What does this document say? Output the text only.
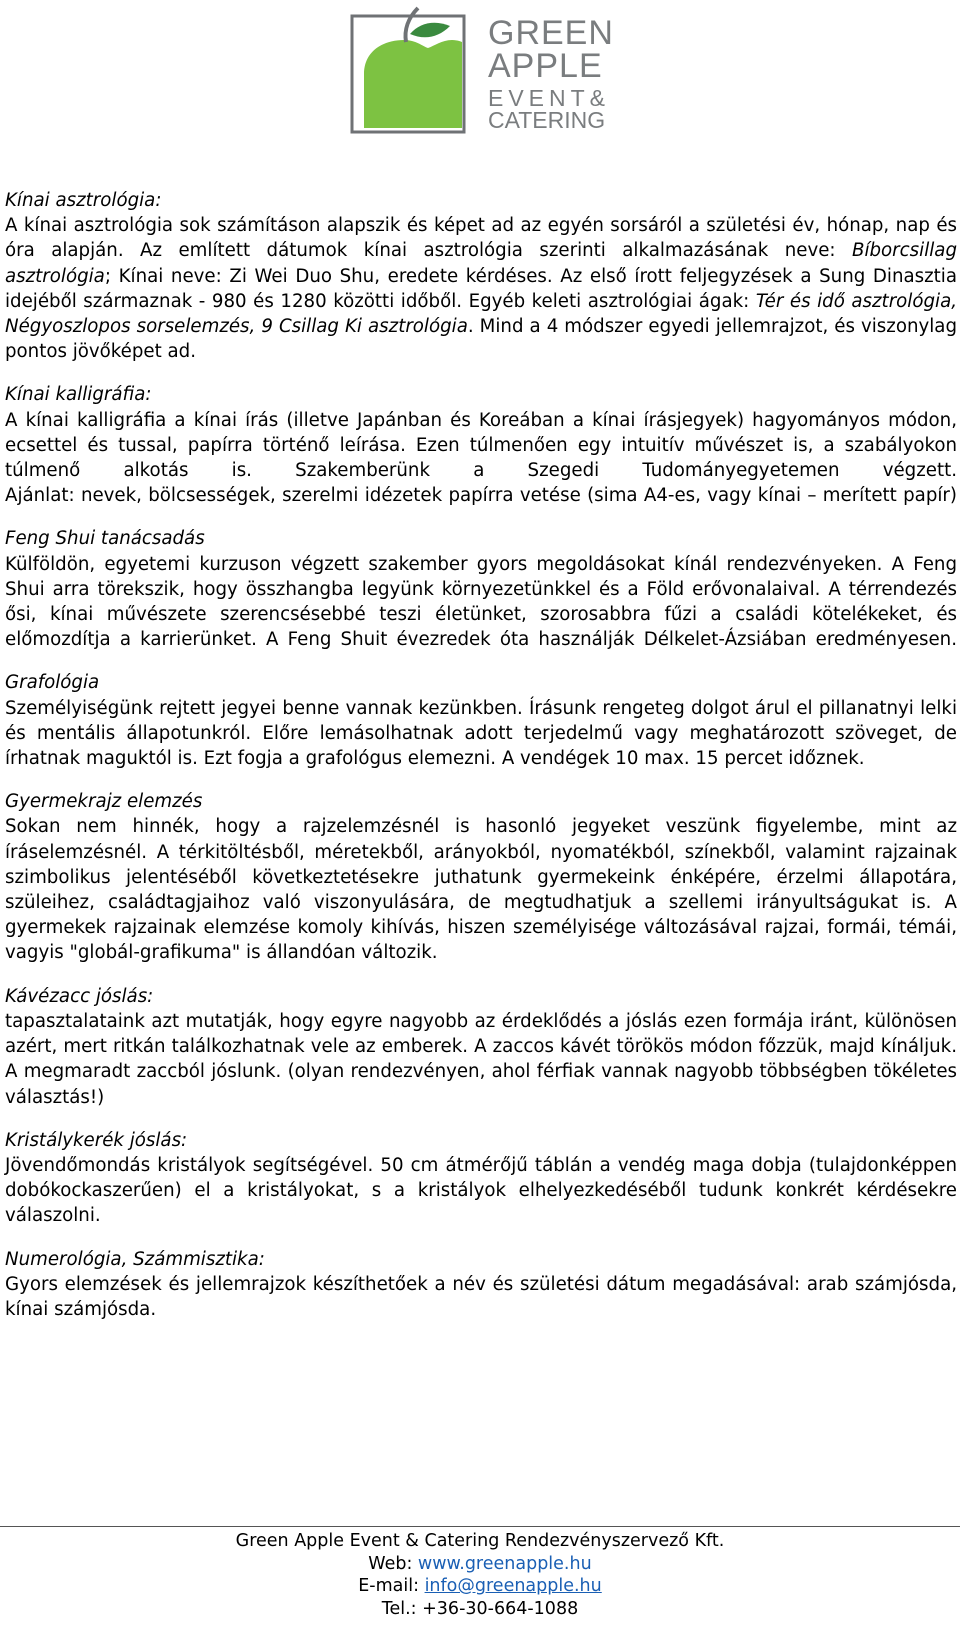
GREEN
APPLE
EVENT&
CATERING

Kínai asztrológia:

A kínai asztrológia sok számításon alapszik és képet ad az egyén sorsáról a születési év, hónap, nap és óra alapján. Az említett dátumok kínai asztrológia szerinti alkalmazásának neve: Bíborcsillag asztrológia; Kínai neve: Zi Wei Duo Shu, eredete kérdéses. Az első írott feljegyzések a Sung Dinasztia idejéből származnak - 980 és 1280 közötti időből. Egyéb keleti asztrológiai ágak: Tér és idő asztrológia, Négyoszlopos sorselemzés, 9 Csillag Ki asztrológia. Mind a 4 módszer egyedi jellemrajzot, és viszonylag pontos jövőképet ad.

Kínai kalligráfia:

A kínai kalligráfia a kínai írás (illetve Japánban és Koreában a kínai írásjegyek) hagyományos módon, ecsettel és tussal, papírra történő leírása. Ezen túlmenően egy intuitív művészet is, a szabályokon túlmenő alkotás is. Szakemberünk a Szegedi Tudományegyetemen végzett.

Ajánlat: nevek, bölcsességek, szerelmi idézetek papírra vetése (sima A4-es, vagy kínai – merített papír)

Feng Shui tanácsadás

Külföldön, egyetemi kurzuson végzett szakember gyors megoldásokat kínál rendezvényeken. A Feng Shui arra törekszik, hogy összhangba legyünk környezetünkkel és a Föld erővonalaival. A térrendezés ősi, kínai művészete szerencsésebbé teszi életünket, szorosabbra fűzi a családi kötelékeket, és előmozdítja a karrierünket. A Feng Shuit évezredek óta használják Délkelet-Ázsiában eredményesen.

Grafológia

Személyiségünk rejtett jegyei benne vannak kezünkben. Írásunk rengeteg dolgot árul el pillanatnyi lelki és mentális állapotunkról. Előre lemásolhatnak adott terjedelmű vagy meghatározott szöveget, de írhatnak maguktól is. Ezt fogja a grafológus elemezni. A vendégek 10 max. 15 percet időznek.

Gyermekrajz elemzés

Sokan nem hinnék, hogy a rajzelemzésnél is hasonló jegyeket veszünk figyelembe, mint az íráselemzésnél. A térkitöltésből, méretekből, arányokból, nyomatékból, színekből, valamint rajzainak szimbolikus jelentéséből következtetésekre juthatunk gyermekeink énképére, érzelmi állapotára, szüleihez, családtagjaihoz való viszonyulására, de megtudhatjuk a szellemi irányultságukat is. A gyermekek rajzainak elemzése komoly kihívás, hiszen személyisége változásával rajzai, formái, témái, vagyis "globál-grafikuma" is állandóan változik.

Kávézacc jóslás:

tapasztalataink azt mutatják, hogy egyre nagyobb az érdeklődés a jóslás ezen formája iránt, különösen azért, mert ritkán találkozhatnak vele az emberek. A zaccos kávét törökös módon főzzük, majd kínáljuk. A megmaradt zaccból jóslunk. (olyan rendezvényen, ahol férfiak vannak nagyobb többségben tökéletes választás!)

Kristálykerék jóslás:

Jövendőmondás kristályok segítségével. 50 cm átmérőjű táblán a vendég maga dobja (tulajdonképpen dobókockaszerűen) el a kristályokat, s a kristályok elhelyezkedéséből tudunk konkrét kérdésekre válaszolni.

Numerológia, Számmisztika:

Gyors elemzések és jellemrajzok készíthetőek a név és születési dátum megadásával: arab számjósda, kínai számjósda.

Green Apple Event & Catering Rendezvényszervező Kft.
Web: www.greenapple.hu
E-mail: info@greenapple.hu
Tel.: +36-30-664-1088
